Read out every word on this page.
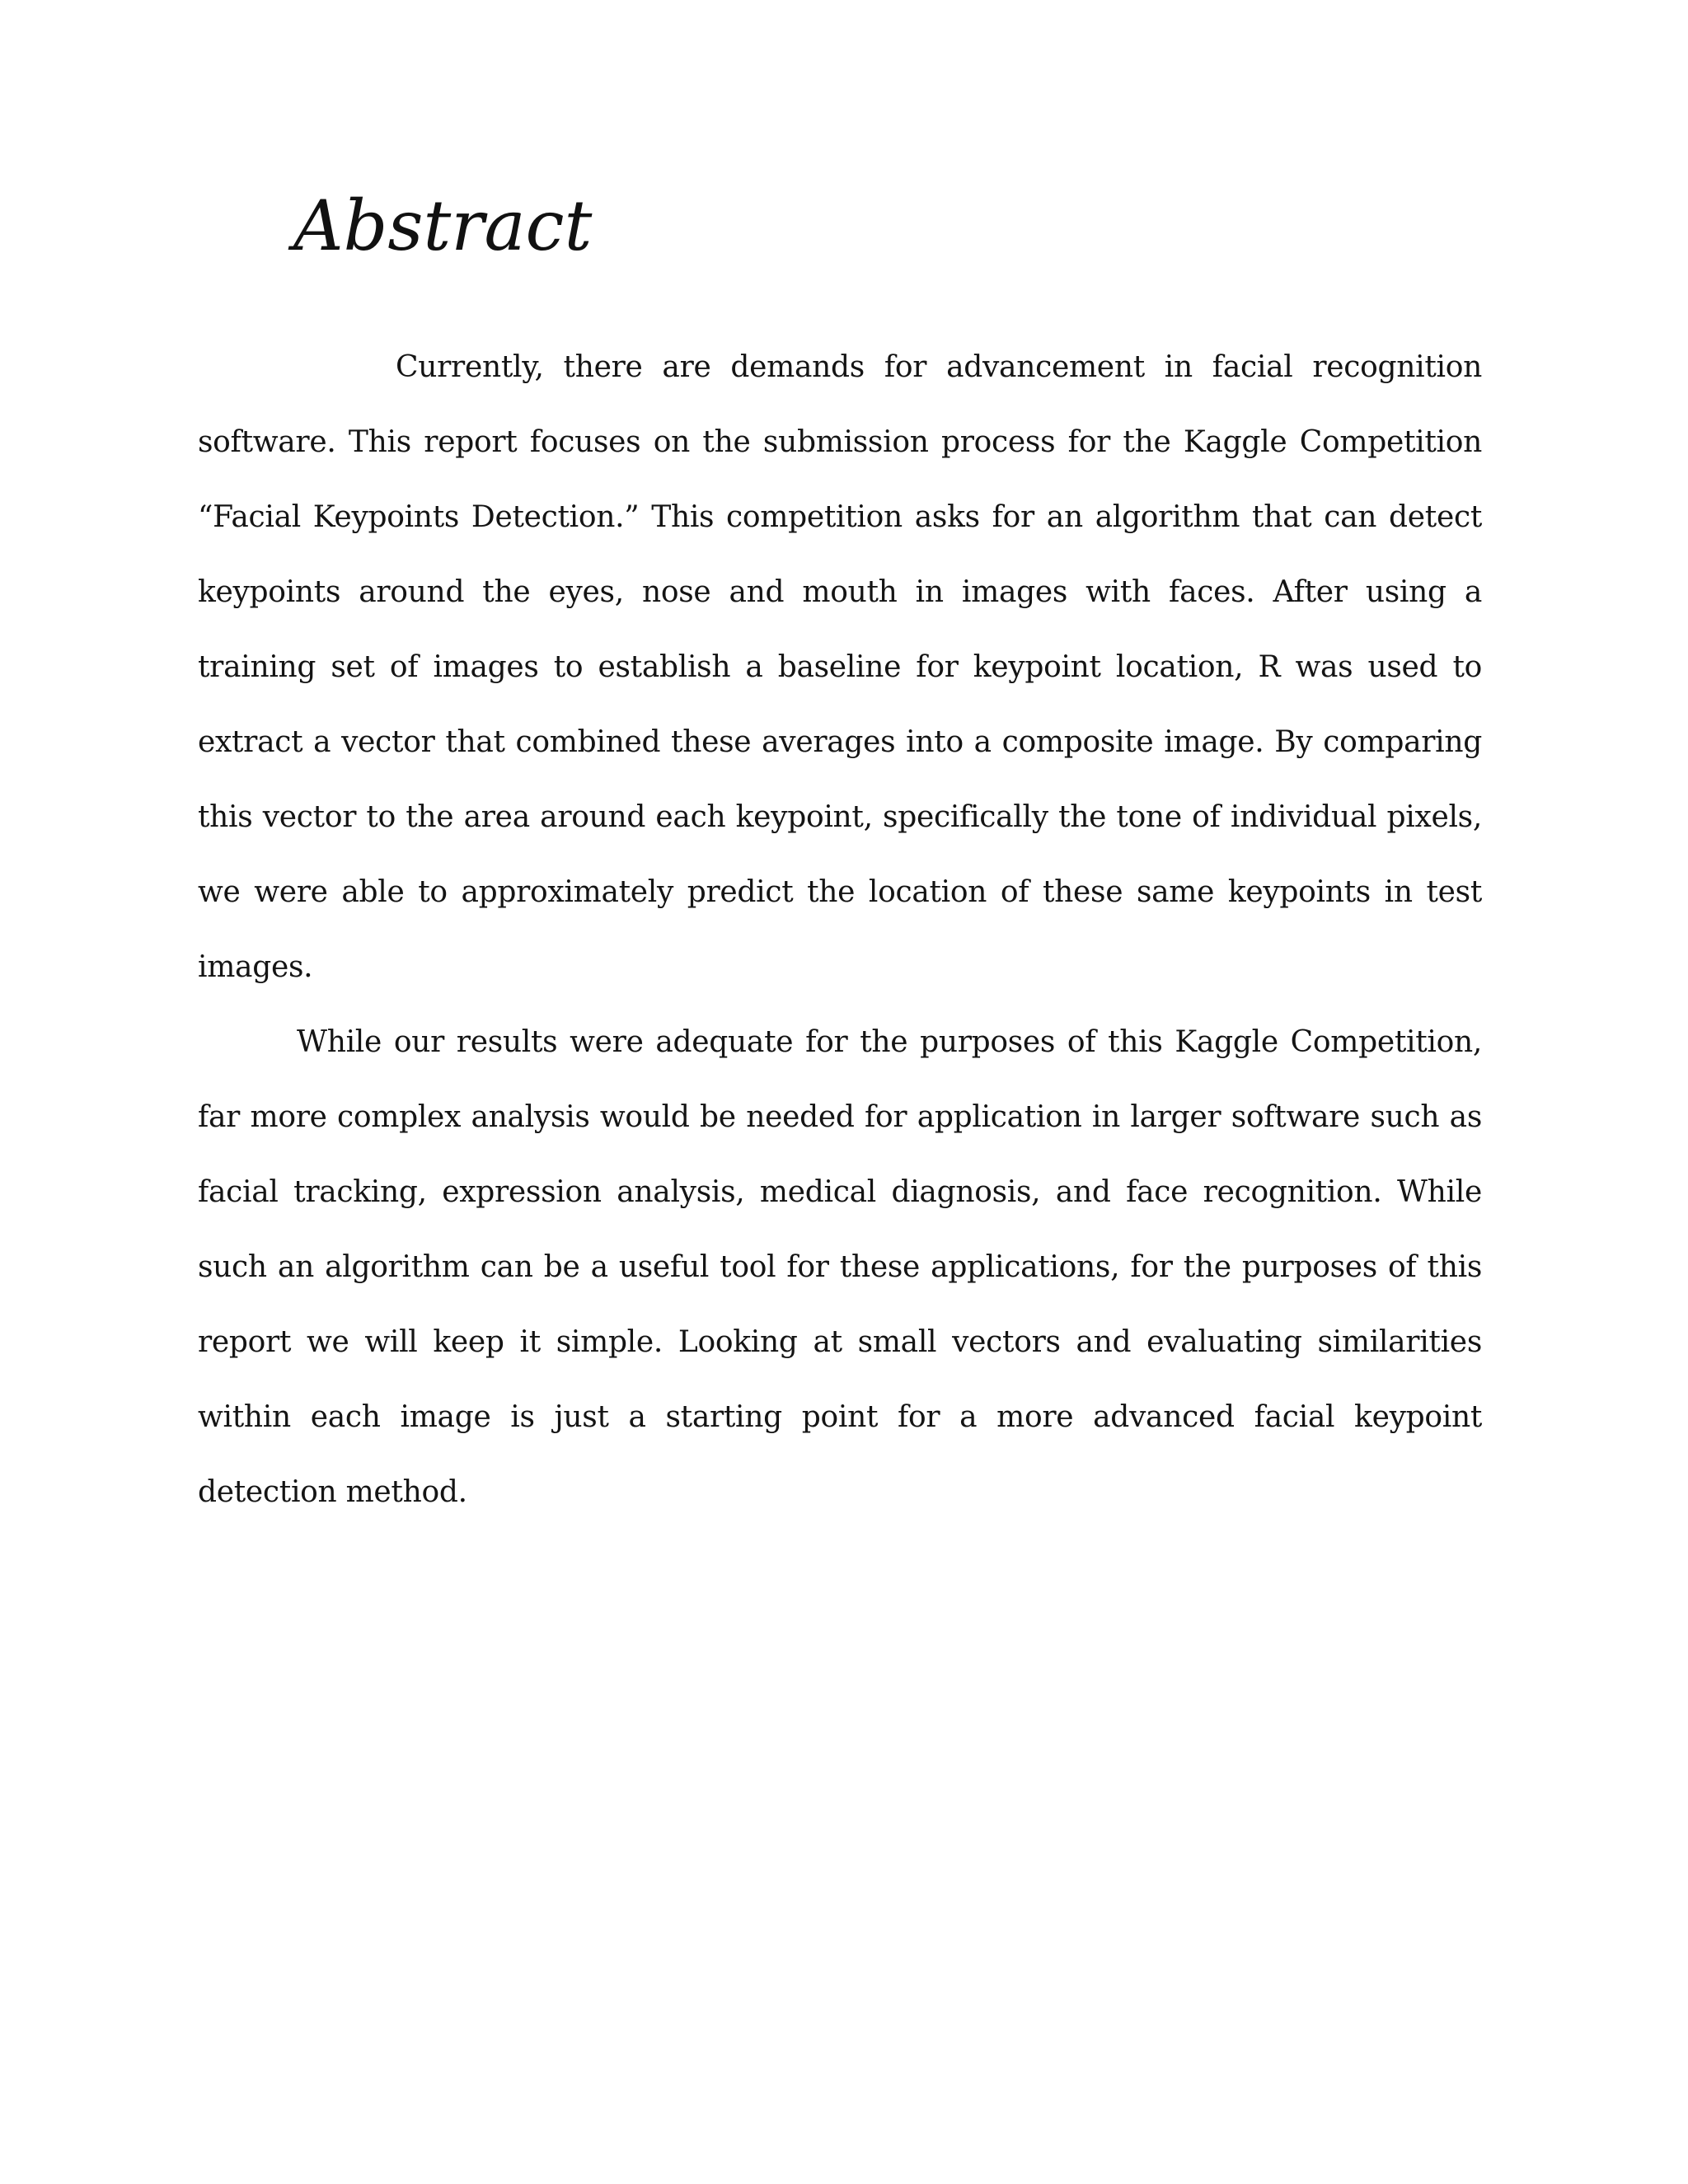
Abstract

Currently, there are demands for advancement in facial recognition software. This report focuses on the submission process for the Kaggle Competition “Facial Keypoints Detection.” This competition asks for an algorithm that can detect keypoints around the eyes, nose and mouth in images with faces. After using a training set of images to establish a baseline for keypoint location, R was used to extract a vector that combined these averages into a composite image. By comparing this vector to the area around each keypoint, specifically the tone of individual pixels, we were able to approximately predict the location of these same keypoints in test images.

While our results were adequate for the purposes of this Kaggle Competition, far more complex analysis would be needed for application in larger software such as facial tracking, expression analysis, medical diagnosis, and face recognition. While such an algorithm can be a useful tool for these applications, for the purposes of this report we will keep it simple. Looking at small vectors and evaluating similarities within each image is just a starting point for a more advanced facial keypoint detection method.
